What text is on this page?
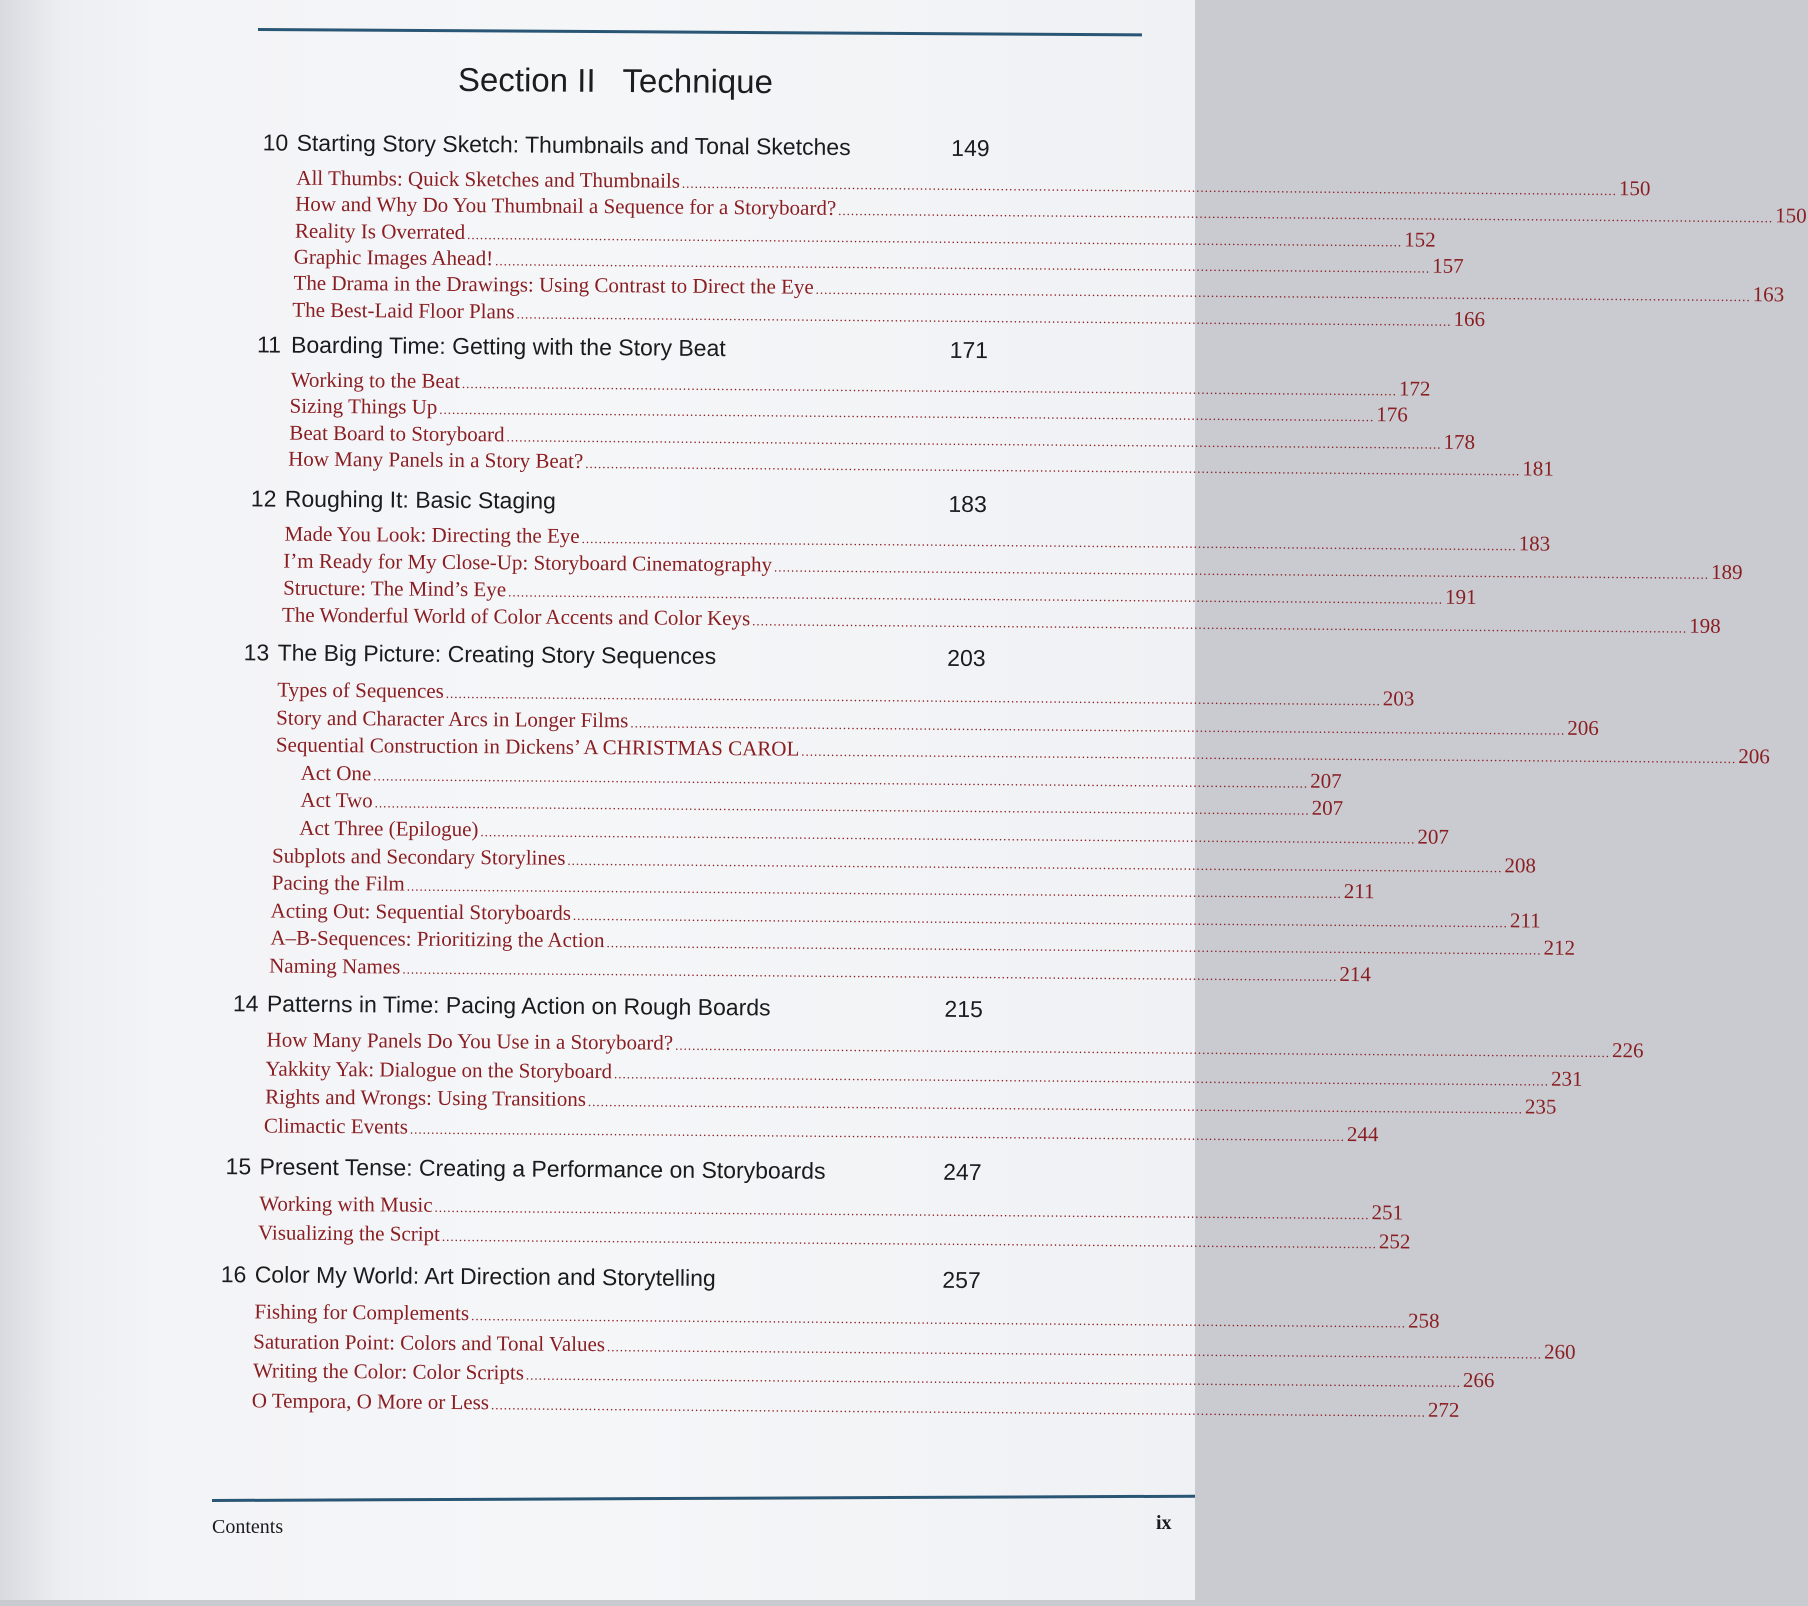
Section II   Technique
10 Starting Story Sketch: Thumbnails and Tonal Sketches	149
All Thumbs: Quick Sketches and Thumbnails ............................................................................................................................................................................................................................ 150
How and Why Do You Thumbnail a Sequence for a Storyboard? ............................................................................................................................................................................................................................ 150
Reality Is Overrated ............................................................................................................................................................................................................................ 152
Graphic Images Ahead! ............................................................................................................................................................................................................................ 157
The Drama in the Drawings: Using Contrast to Direct the Eye ............................................................................................................................................................................................................................ 163
The Best-Laid Floor Plans ............................................................................................................................................................................................................................ 166
11 Boarding Time: Getting with the Story Beat	171
Working to the Beat ............................................................................................................................................................................................................................ 172
Sizing Things Up ............................................................................................................................................................................................................................ 176
Beat Board to Storyboard ............................................................................................................................................................................................................................ 178
How Many Panels in a Story Beat? ............................................................................................................................................................................................................................ 181
12 Roughing It: Basic Staging	183
Made You Look: Directing the Eye ............................................................................................................................................................................................................................ 183
I’m Ready for My Close-Up: Storyboard Cinematography ............................................................................................................................................................................................................................ 189
Structure: The Mind’s Eye ............................................................................................................................................................................................................................ 191
The Wonderful World of Color Accents and Color Keys ............................................................................................................................................................................................................................ 198
13 The Big Picture: Creating Story Sequences	203
Types of Sequences ............................................................................................................................................................................................................................ 203
Story and Character Arcs in Longer Films ............................................................................................................................................................................................................................ 206
Sequential Construction in Dickens’ A CHRISTMAS CAROL ............................................................................................................................................................................................................................ 206
Act One ............................................................................................................................................................................................................................ 207
Act Two ............................................................................................................................................................................................................................ 207
Act Three (Epilogue) ............................................................................................................................................................................................................................ 207
Subplots and Secondary Storylines ............................................................................................................................................................................................................................ 208
Pacing the Film ............................................................................................................................................................................................................................ 211
Acting Out: Sequential Storyboards ............................................................................................................................................................................................................................ 211
A–B-Sequences: Prioritizing the Action ............................................................................................................................................................................................................................ 212
Naming Names ............................................................................................................................................................................................................................ 214
14 Patterns in Time: Pacing Action on Rough Boards	215
How Many Panels Do You Use in a Storyboard? ............................................................................................................................................................................................................................ 226
Yakkity Yak: Dialogue on the Storyboard ............................................................................................................................................................................................................................ 231
Rights and Wrongs: Using Transitions ............................................................................................................................................................................................................................ 235
Climactic Events ............................................................................................................................................................................................................................ 244
15 Present Tense: Creating a Performance on Storyboards	247
Working with Music ............................................................................................................................................................................................................................ 251
Visualizing the Script ............................................................................................................................................................................................................................ 252
16 Color My World: Art Direction and Storytelling	257
Fishing for Complements ............................................................................................................................................................................................................................ 258
Saturation Point: Colors and Tonal Values ............................................................................................................................................................................................................................ 260
Writing the Color: Color Scripts ............................................................................................................................................................................................................................ 266
O Tempora, O More or Less ............................................................................................................................................................................................................................ 272
Contents	ix
